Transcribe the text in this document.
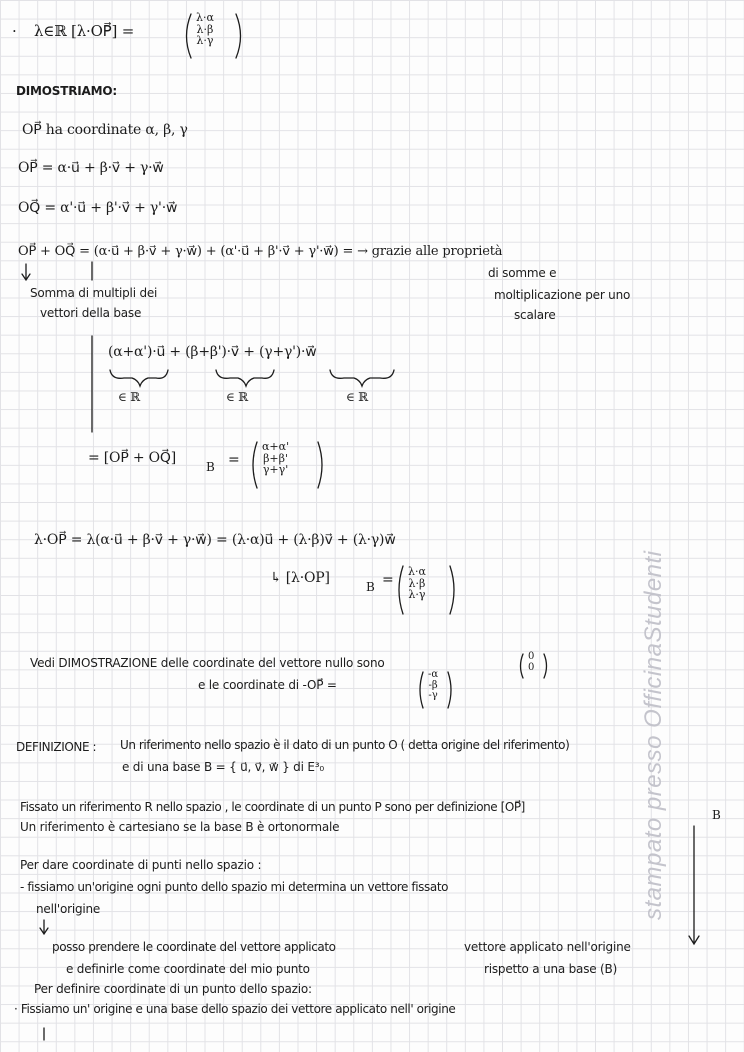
stampato presso OfficinaStudenti
· λ∈ℝ [λ·OP⃗] =
λ·α
λ·β
λ·γ
DIMOSTRIAMO:
OP⃗ ha coordinate α, β, γ
OP⃗ = α·u⃗ + β·v⃗ + γ·w⃗
OQ⃗ = α'·u⃗ + β'·v⃗ + γ'·w⃗
OP⃗ + OQ⃗ = (α·u⃗ + β·v⃗ + γ·w⃗) + (α'·u⃗ + β'·v⃗ + γ'·w⃗) = → grazie alle proprietà
di somme e
moltiplicazione per uno
scalare
Somma di multipli dei
vettori della base
(α+α')·u⃗ + (β+β')·v⃗ + (γ+γ')·w⃗
∈ ℝ	∈ ℝ	∈ ℝ
= [OP⃗ + OQ⃗]
B =
α+α'
β+β'
γ+γ'
λ·OP⃗ = λ(α·u⃗ + β·v⃗ + γ·w⃗) = (λ·α)u⃗ + (λ·β)v⃗ + (λ·γ)w⃗
↳ [λ·OP]
B =
λ·α
λ·β
λ·γ
Vedi DIMOSTRAZIONE delle coordinate del vettore nullo sono	0
0
e le coordinate di -OP⃗ =
-α
-β
-γ
DEFINIZIONE : Un riferimento nello spazio è il dato di un punto O ( detta origine del riferimento)
e di una base B = { u⃗, v⃗, w⃗ } di E³₀
Fissato un riferimento R nello spazio , le coordinate di un punto P sono per definizione [OP⃗]
B
Un riferimento è cartesiano se la base B è ortonormale
Per dare coordinate di punti nello spazio :
- fissiamo un'origine ogni punto dello spazio mi determina un vettore fissato
nell'origine
posso prendere le coordinate del vettore applicato
e definirle come coordinate del mio punto
vettore applicato nell'origine
rispetto a una base (B)
Per definire coordinate di un punto dello spazio:
· Fissiamo un' origine e una base dello spazio dei vettore applicato nell' origine
